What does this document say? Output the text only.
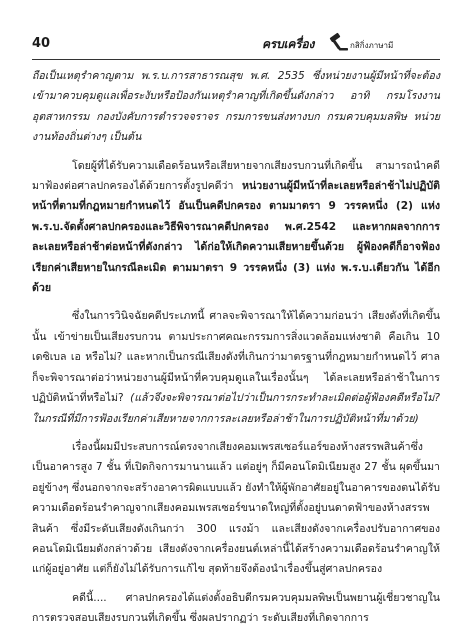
40	ครบเครื่อง	กสิกิ่งภาษามี

ถือเป็นเหตุรำคาญตาม พ.ร.บ.การสาธารณสุข พ.ศ. 2535 ซึ่งหน่วยงานผู้มีหน้าที่จะต้องเข้ามาควบคุมดูแลเพื่อระงับหรือป้องกันเหตุรำคาญที่เกิดขึ้นดังกล่าว อาทิ กรมโรงงานอุตสาหกรรม กองบังคับการตำรวจจราจร กรมการขนส่งทางบก กรมควบคุมมลพิษ หน่วยงานท้องถิ่นต่างๆ เป็นต้น

โดยผู้ที่ได้รับความเดือดร้อนหรือเสียหายจากเสียงรบกวนที่เกิดขึ้น สามารถนำคดีมาฟ้องต่อศาลปกครองได้ด้วยการตั้งรูปคดีว่า หน่วยงานผู้มีหน้าที่ละเลยหรือล่าช้าไม่ปฏิบัติหน้าที่ตามที่กฎหมายกำหนดไว้ อันเป็นคดีปกครอง ตามมาตรา 9 วรรคหนึ่ง (2) แห่ง พ.ร.บ.จัดตั้งศาลปกครองและวิธีพิจารณาคดีปกครอง พ.ศ.2542 และหากผลจากการละเลยหรือล่าช้าต่อหน้าที่ดังกล่าว ได้ก่อให้เกิดความเสียหายขึ้นด้วย ผู้ฟ้องคดีก็อาจฟ้องเรียกค่าเสียหายในกรณีละเมิด ตามมาตรา 9 วรรคหนึ่ง (3) แห่ง พ.ร.บ.เดียวกัน ได้อีกด้วย

ซึ่งในการวินิจฉัยคดีประเภทนี้ ศาลจะพิจารณาให้ได้ความก่อนว่า เสียงดังที่เกิดขึ้นนั้น เข้าข่ายเป็นเสียงรบกวน ตามประกาศคณะกรรมการสิ่งแวดล้อมแห่งชาติ คือเกิน 10 เดซิเบล เอ หรือไม่? และหากเป็นกรณีเสียงดังที่เกินกว่ามาตรฐานที่กฎหมายกำหนดไว้ ศาลก็จะพิจารณาต่อว่าหน่วยงานผู้มีหน้าที่ควบคุมดูแลในเรื่องนั้นๆ ได้ละเลยหรือล่าช้าในการปฏิบัติหน้าที่หรือไม่? (แล้วจึงจะพิจารณาต่อไปว่าเป็นการกระทำละเมิดต่อผู้ฟ้องคดีหรือไม่? ในกรณีที่มีการฟ้องเรียกค่าเสียหายจากการละเลยหรือล่าช้าในการปฏิบัติหน้าที่มาด้วย)

เรื่องนี้ผมมีประสบการณ์ตรงจากเสียงคอมเพรสเซอร์แอร์ของห้างสรรพสินค้าซึ่งเป็นอาคารสูง 7 ชั้น ที่เปิดกิจการมานานแล้ว แต่อยู่ๆ ก็มีคอนโดมิเนียมสูง 27 ชั้น ผุดขึ้นมาอยู่ข้างๆ ซึ่งนอกจากจะสร้างอาคารผิดแบบแล้ว ยังทำให้ผู้พักอาศัยอยู่ในอาคารของตนได้รับความเดือดร้อนรำคาญจากเสียงคอมเพรสเซอร์ขนาดใหญ่ที่ตั้งอยู่บนดาดฟ้าของห้างสรรพสินค้า ซึ่งมีระดับเสียงดังเกินกว่า 300 แรงม้า และเสียงดังจากเครื่องปรับอากาศของคอนโดมิเนียมดังกล่าวด้วย เสียงดังจากเครื่องยนต์เหล่านี้ได้สร้างความเดือดร้อนรำคาญให้แก่ผู้อยู่อาศัย แต่ก็ยังไม่ได้รับการแก้ไข สุดท้ายจึงต้องนำเรื่องขึ้นสู่ศาลปกครอง

คดีนี้.... ศาลปกครองได้แต่งตั้งอธิบดีกรมควบคุมมลพิษเป็นพยานผู้เชี่ยวชาญในการตรวจสอบเสียงรบกวนที่เกิดขึ้น ซึ่งผลปรากฏว่า ระดับเสียงที่เกิดจากการ
